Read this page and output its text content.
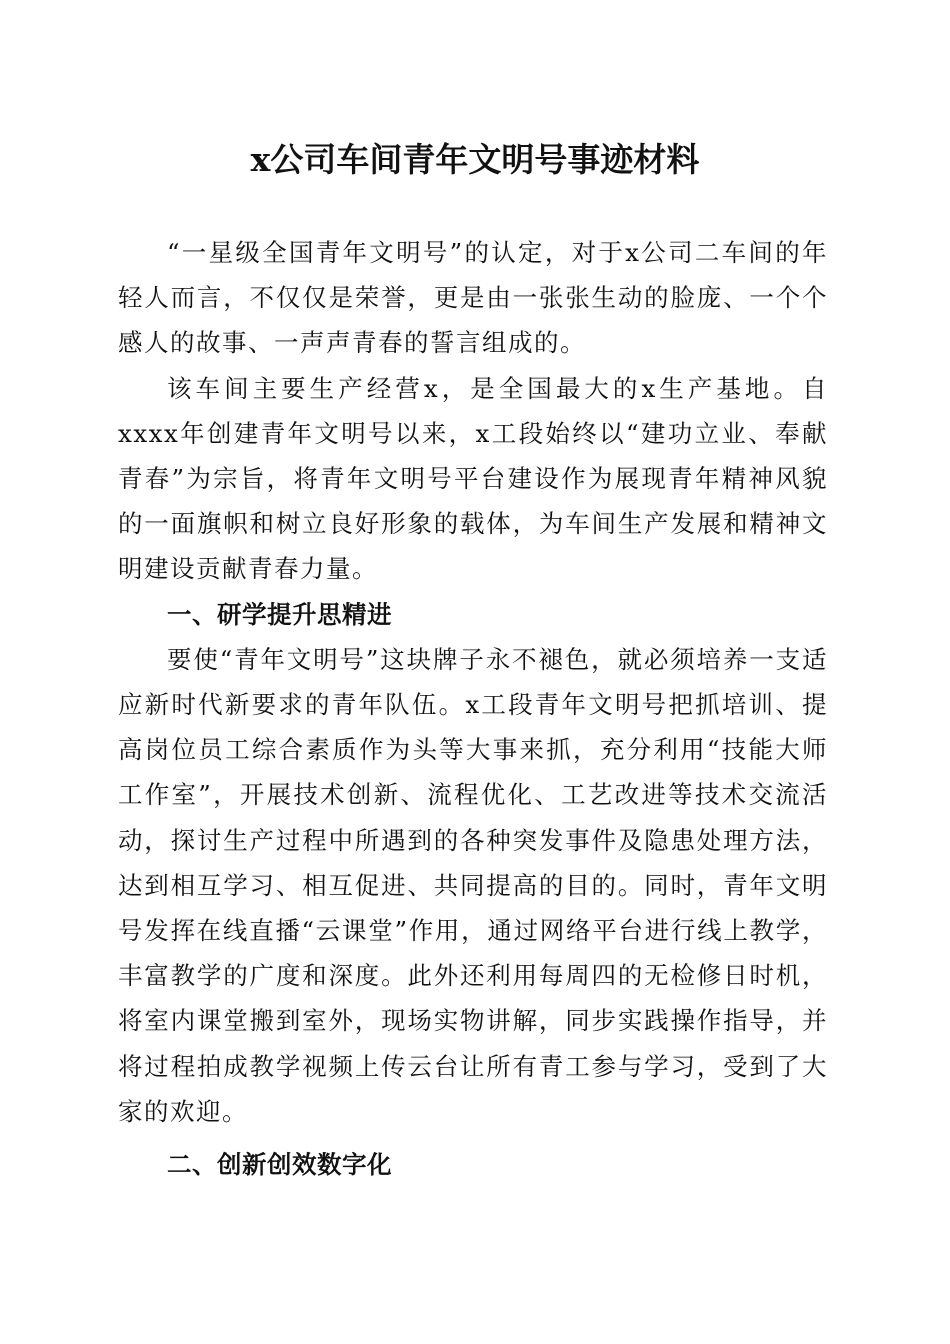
x公司车间青年文明号事迹材料

“一星级全国青年文明号”的认定，对于x公司二车间的年轻人而言，不仅仅是荣誉，更是由一张张生动的脸庞、一个个感人的故事、一声声青春的誓言组成的。

该车间主要生产经营x，是全国最大的x生产基地。自xxxx年创建青年文明号以来，x工段始终以“建功立业、奉献青春”为宗旨，将青年文明号平台建设作为展现青年精神风貌的一面旗帜和树立良好形象的载体，为车间生产发展和精神文明建设贡献青春力量。

一、研学提升思精进

要使“青年文明号”这块牌子永不褪色，就必须培养一支适应新时代新要求的青年队伍。x工段青年文明号把抓培训、提高岗位员工综合素质作为头等大事来抓，充分利用“技能大师工作室”，开展技术创新、流程优化、工艺改进等技术交流活动，探讨生产过程中所遇到的各种突发事件及隐患处理方法，达到相互学习、相互促进、共同提高的目的。同时，青年文明号发挥在线直播“云课堂”作用，通过网络平台进行线上教学，丰富教学的广度和深度。此外还利用每周四的无检修日时机，将室内课堂搬到室外，现场实物讲解，同步实践操作指导，并将过程拍成教学视频上传云台让所有青工参与学习，受到了大家的欢迎。

二、创新创效数字化
